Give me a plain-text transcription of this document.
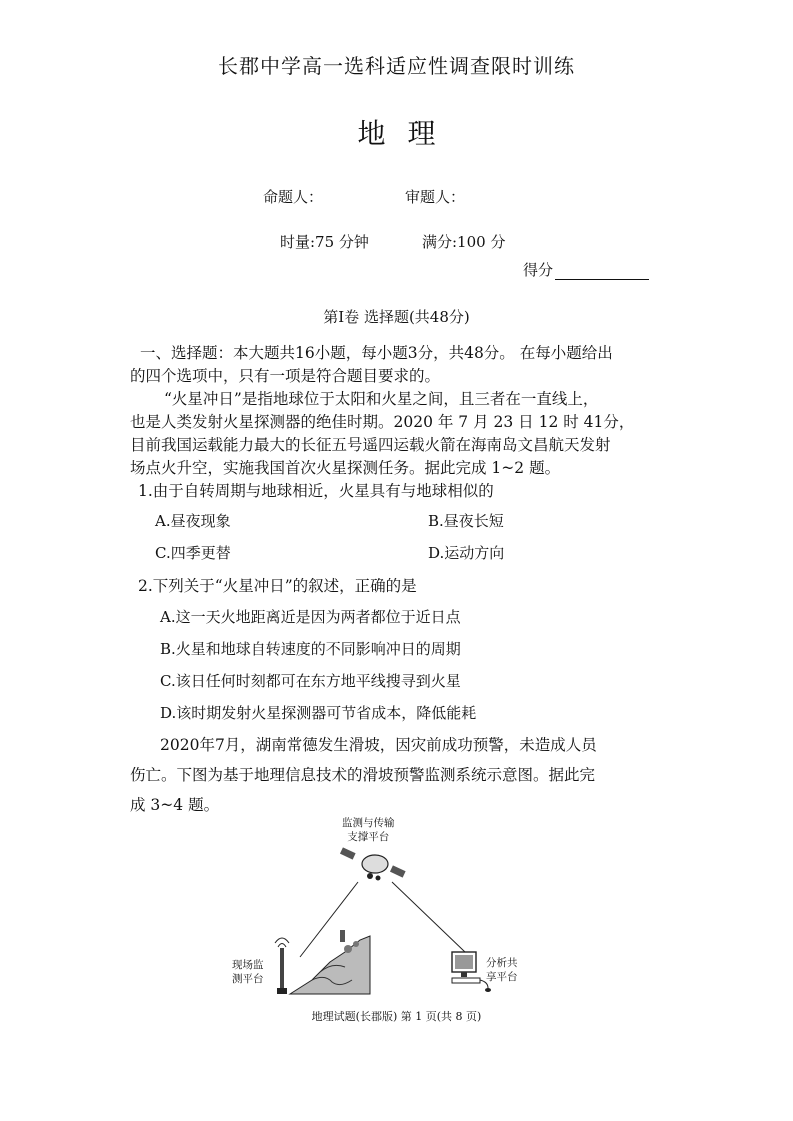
长郡中学高一选科适应性调查限时训练
地理
命题人：	审题人：
时量:75 分钟	满分:100 分
得分
第Ⅰ卷 选择题(共48分)
一、选择题：本大题共16小题，每小题3分，共48分。 在每小题给出
的四个选项中，只有一项是符合题目要求的。
“火星冲日”是指地球位于太阳和火星之间，且三者在一直线上，
也是人类发射火星探测器的绝佳时期。2020 年 7 月 23 日 12 时 41分，
目前我国运载能力最大的长征五号遥四运载火箭在海南岛文昌航天发射
场点火升空，实施我国首次火星探测任务。据此完成 1~2 题。
1.由于自转周期与地球相近，火星具有与地球相似的
A.昼夜现象	B.昼夜长短
C.四季更替	D.运动方向
2.下列关于“火星冲日”的叙述，正确的是
A.这一天火地距离近是因为两者都位于近日点
B.火星和地球自转速度的不同影响冲日的周期
C.该日任何时刻都可在东方地平线搜寻到火星
D.该时期发射火星探测器可节省成本，降低能耗
2020年7月，湖南常德发生滑坡，因灾前成功预警，未造成人员
伤亡。下图为基于地理信息技术的滑坡预警监测系统示意图。据此完
成 3~4 题。
监测与传输
支撑平台
现场监
测平台
分析共
享平台
地理试题(长郡版) 第 1 页(共 8 页)
